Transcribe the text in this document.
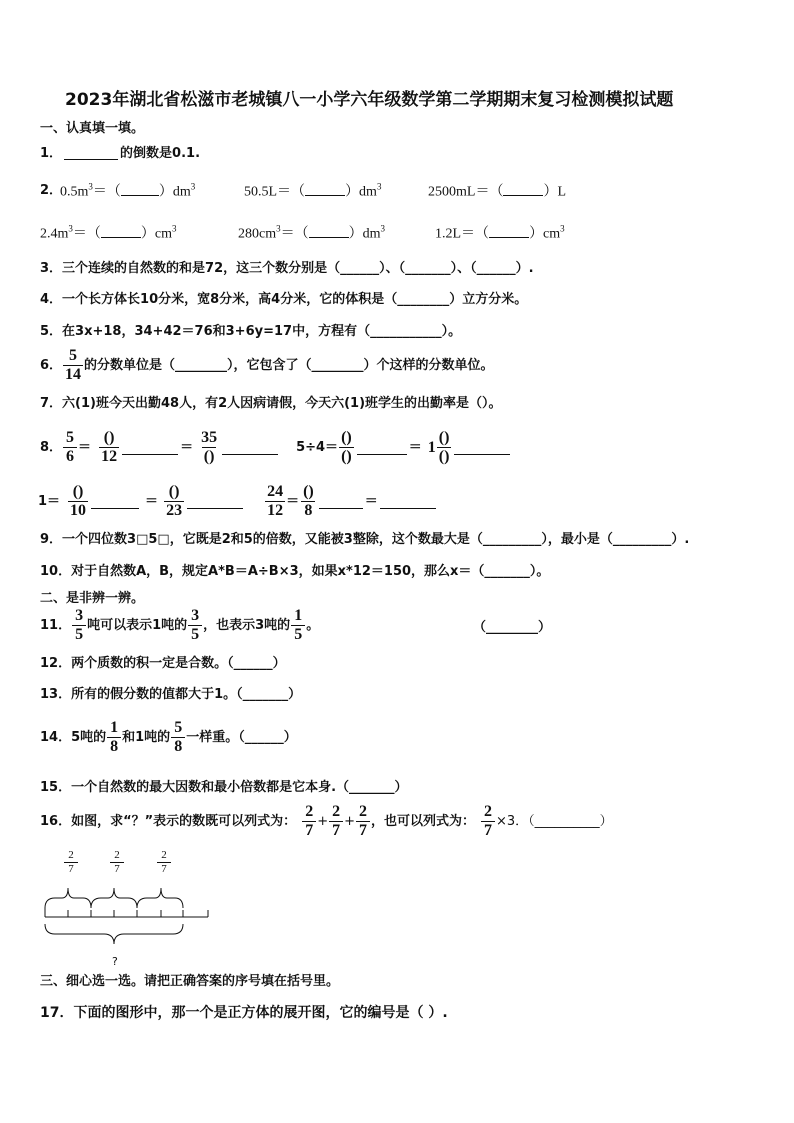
2023年湖北省松滋市老城镇八一小学六年级数学第二学期期末复习检测模拟试题
一、认真填一填。
1．	的倒数是0.1.
2．
$0.5m^3=$（	）$dm^3$	50.5L＝（	）$dm^3$	2500mL＝（	）L
$2.4m^3=$（	）$cm^3$	$280cm^3=$（	）$dm^3$	1.2L＝（	）$cm^3$
3．三个连续的自然数的和是72，这三个数分别是（______）、（_______）、（______）.
4．一个长方体长10分米，宽8分米，高4分米，它的体积是（________）立方分米。
5．在3x+18，34+42＝76和3+6y=17中，方程有（___________）。
6． $\frac{5}{14}$ 的分数单位是（________），它包含了（________）个这样的分数单位。
7．六(1)班今天出勤48人，有2人因病请假，今天六(1)班学生的出勤率是（）。
8． $\frac{5}{6} = \frac{()}{12}$	＝ $\frac{35}{()}$	$5\div 4= \frac{()}{()}$	＝ $1 \frac{()}{()}$
$1= \frac{()}{10}$	＝ $\frac{()}{23}$	$\frac{24}{12} = \frac{()}{8}$	＝
9．一个四位数3□5□，它既是2和5的倍数，又能被3整除，这个数最大是（_________），最小是（_________）.
10．对于自然数A，B，规定A*B＝A÷B×3，如果x*12＝150，那么x＝（_______）。
二、是非辨一辨。
11． $\frac{3}{5}$ 吨可以表示1吨的 $\frac{3}{5}$ ，也表示3吨的 $\frac{1}{5}$ 。	（________）
12．两个质数的积一定是合数。（______）
13．所有的假分数的值都大于1。（_______）
14． 5吨的 $\frac{1}{8}$ 和1吨的 $\frac{5}{8}$ 一样重。（______）
15．一个自然数的最大因数和最小倍数都是它本身.（_______）
16． 如图，求“？”表示的数既可以列式为： $\frac{2}{7} + \frac{2}{7} + \frac{2}{7}$ ，也可以列式为： $\frac{2}{7} \times 3$．（__________）
$\frac{2}{7}$	$\frac{2}{7}$	$\frac{2}{7}$
?
三、细心选一选。请把正确答案的序号填在括号里。
17．下面的图形中，那一个是正方体的展开图，它的编号是（ ）.
